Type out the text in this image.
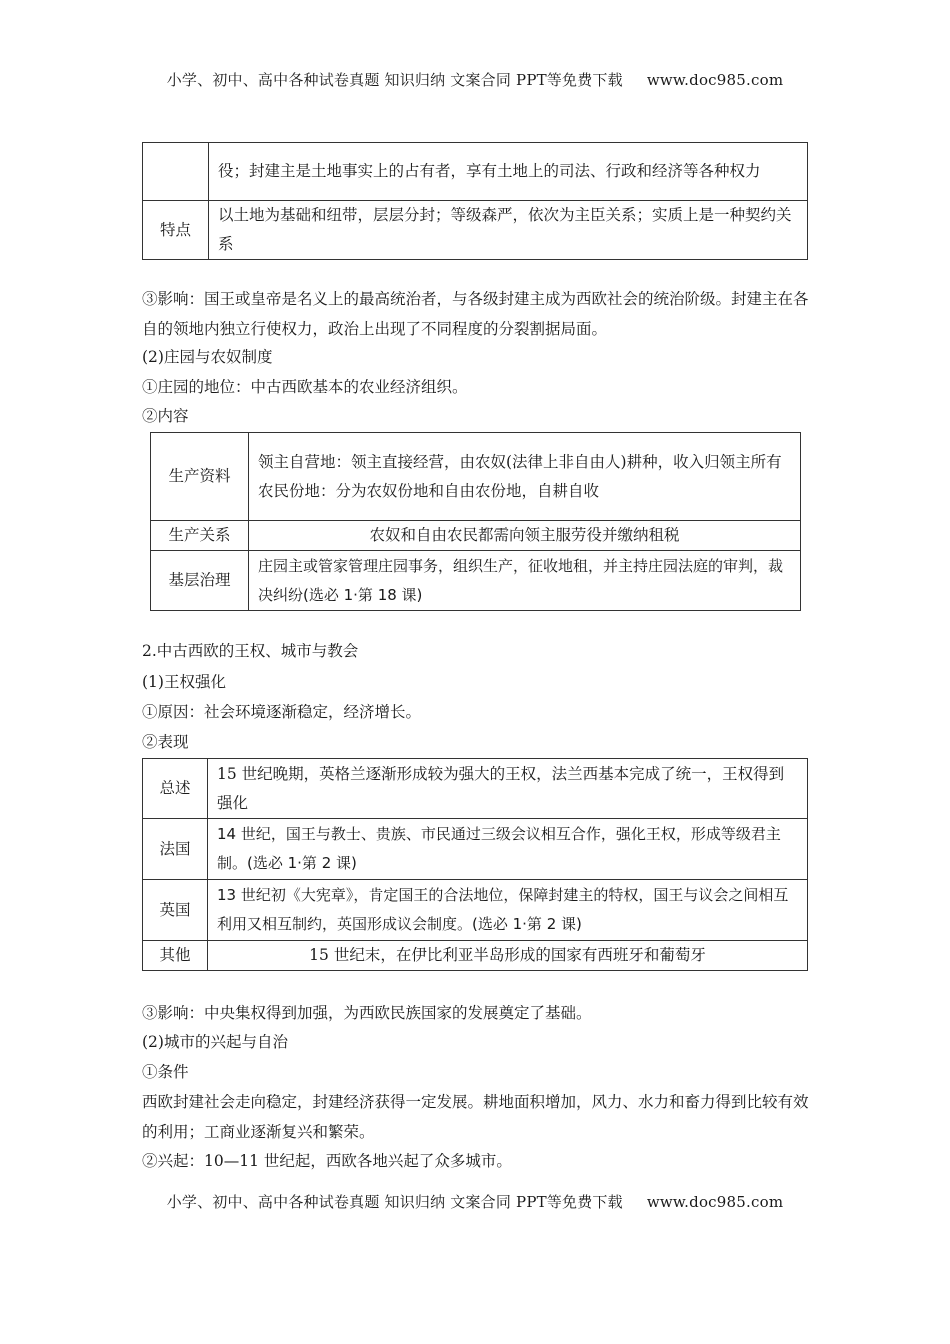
小学、初中、高中各种试卷真题 知识归纳 文案合同 PPT等免费下载 www.doc985.com
	役；封建主是土地事实上的占有者，享有土地上的司法、行政和经济等各种权力
特点	以土地为基础和纽带，层层分封；等级森严，依次为主臣关系；实质上是一种契约关系

③影响：国王或皇帝是名义上的最高统治者，与各级封建主成为西欧社会的统治阶级。封建主在各自的领地内独立行使权力，政治上出现了不同程度的分裂割据局面。

(2)庄园与农奴制度

①庄园的地位：中古西欧基本的农业经济组织。

②内容

生产资料	领主自营地：领主直接经营，由农奴(法律上非自由人)耕种，收入归领主所有
农民份地：分为农奴份地和自由农份地，自耕自收

生产关系	农奴和自由农民都需向领主服劳役并缴纳租税

基层治理	庄园主或管家管理庄园事务，组织生产，征收地租，并主持庄园法庭的审判，裁决纠纷(选必 1·第 18 课)

2.中古西欧的王权、城市与教会

(1)王权强化

①原因：社会环境逐渐稳定，经济增长。

②表现

总述	15 世纪晚期，英格兰逐渐形成较为强大的王权，法兰西基本完成了统一，王权得到强化
法国	14 世纪，国王与教士、贵族、市民通过三级会议相互合作，强化王权，形成等级君主制。(选必 1·第 2 课)
英国	13 世纪初《大宪章》，肯定国王的合法地位，保障封建主的特权，国王与议会之间相互利用又相互制约，英国形成议会制度。(选必 1·第 2 课)
其他	15 世纪末，在伊比利亚半岛形成的国家有西班牙和葡萄牙

③影响：中央集权得到加强，为西欧民族国家的发展奠定了基础。

(2)城市的兴起与自治

①条件

西欧封建社会走向稳定，封建经济获得一定发展。耕地面积增加，风力、水力和畜力得到比较有效的利用；工商业逐渐复兴和繁荣。

②兴起：10—11 世纪起，西欧各地兴起了众多城市。

小学、初中、高中各种试卷真题 知识归纳 文案合同 PPT等免费下载 www.doc985.com
